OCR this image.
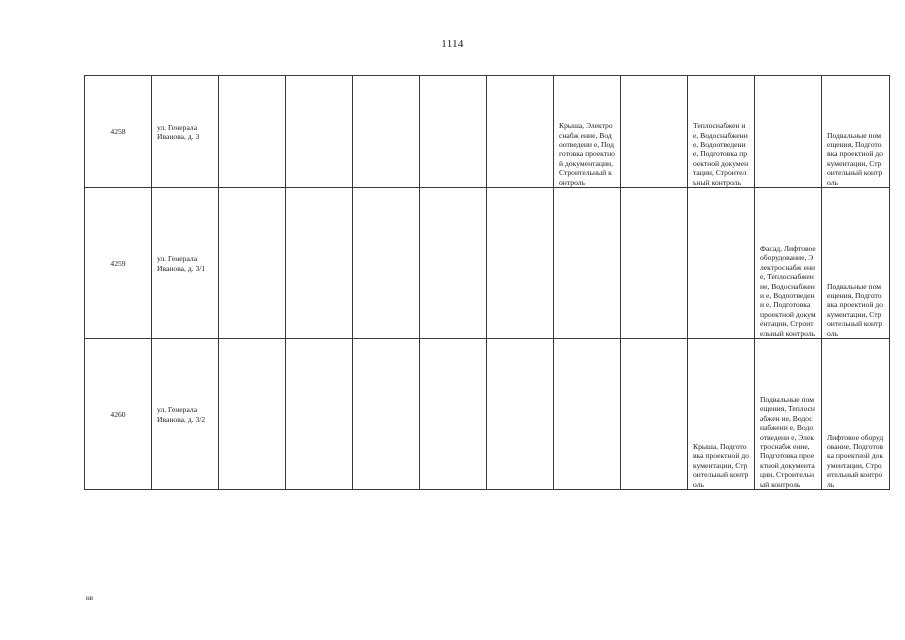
1114
4258	ул. Генерала Иванова, д. 3						Крыша, Электроснабж ение, Водоотведени е, Подготовка проектной документации, Строительный контроль		Теплоснабжен ие, Водоснабжени е, Водоотведени е, Подготовка проектной документации, Строительный контроль		Подвальные помещения, Подготовка проектной документации, Строительный контроль
4259	ул. Генерала Иванова, д. 3/1									Фасад, Лифтовое оборудование, Электроснабж ение, Теплоснабжен ие, Водоснабжени е, Водоотведени е, Подготовка проектной документации, Строительный контроль	Подвальные помещения, Подготовка проектной документации, Строительный контроль
4260	ул. Генерала Иванова, д. 3/2								Крыша, Подготовка проектной документации, Строительный контроль	Подвальные помещения, Теплоснабжен ие, Водоснабжени е, Водоотведени е, Электроснабж ение, Подготовка проектной документации, Строительный контроль	Лифтовое оборудование, Подготовка проектной документации, Строительный контроль
нв
